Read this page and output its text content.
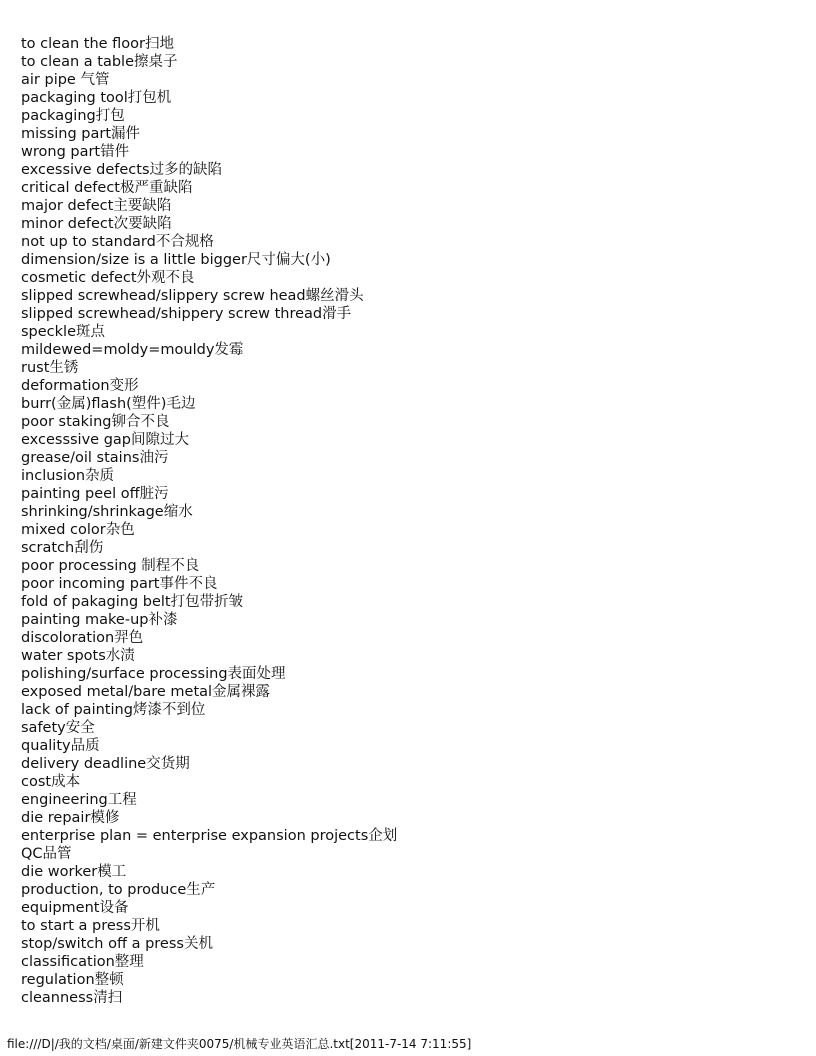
to clean the floor扫地
to clean a table擦桌子
air pipe 气管
packaging tool打包机
packaging打包
missing part漏件
wrong part错件
excessive defects过多的缺陷
critical defect极严重缺陷
major defect主要缺陷
minor defect次要缺陷
not up to standard不合规格
dimension/size is a little bigger尺寸偏大(小)
cosmetic defect外观不良
slipped screwhead/slippery screw head螺丝滑头
slipped screwhead/shippery screw thread滑手
speckle斑点
mildewed=moldy=mouldy发霉
rust生锈
deformation变形
burr(金属)flash(塑件)毛边
poor staking铆合不良
excesssive gap间隙过大
grease/oil stains油污
inclusion杂质
painting peel off脏污
shrinking/shrinkage缩水
mixed color杂色
scratch刮伤
poor processing 制程不良
poor incoming part事件不良
fold of pakaging belt打包带折皱
painting make-up补漆
discoloration羿色
water spots水渍
polishing/surface processing表面处理
exposed metal/bare metal金属裸露
lack of painting烤漆不到位
safety安全
quality品质
delivery deadline交货期
cost成本
engineering工程
die repair模修
enterprise plan = enterprise expansion projects企划
QC品管
die worker模工
production, to produce生产
equipment设备
to start a press开机
stop/switch off a press关机
classification整理
regulation整顿
cleanness清扫
file:///D|/我的文档/桌面/新建文件夹0075/机械专业英语汇总.txt[2011-7-14 7:11:55]
